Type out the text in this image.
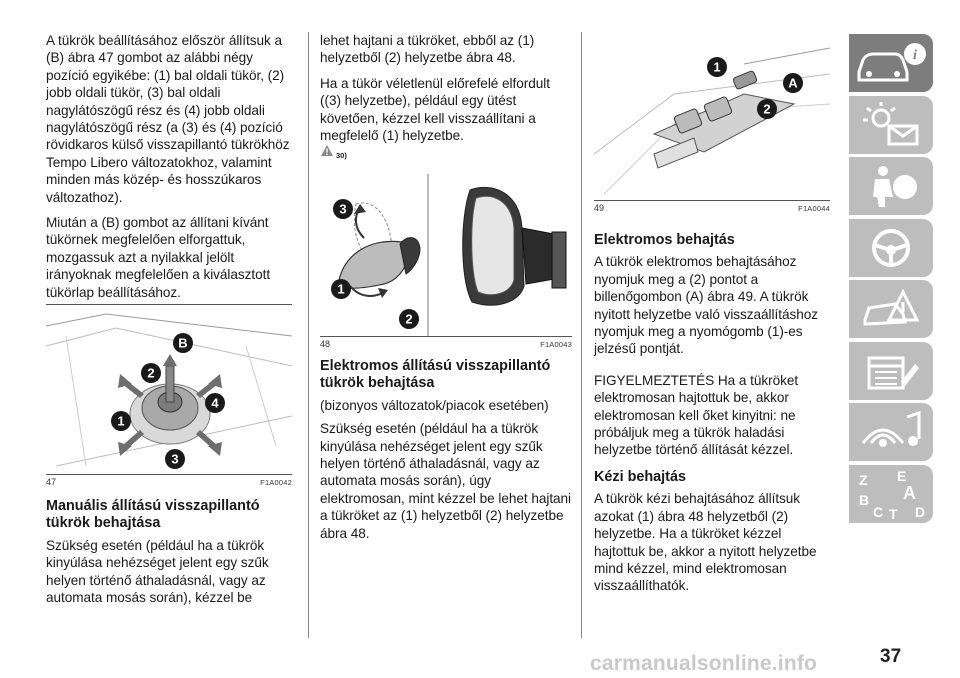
A tükrök beállításához először állítsuk a (B) ábra 47 gombot az alábbi négy pozíció egyikébe: (1) bal oldali tükör, (2) jobb oldali tükör, (3) bal oldali nagylátószögű rész és (4) jobb oldali nagylátószögű rész (a (3) és (4) pozíció rövidkaros külső visszapillantó tükrökhöz Tempo Libero változatokhoz, valamint minden más közép- és hosszúkaros változathoz).

Miután a (B) gombot az állítani kívánt tükörnek megfelelően elforgattuk, mozgassuk azt a nyilakkal jelölt irányoknak megfelelően a kiválasztott tükörlap beállításához.

B
2
4
1
3
47	F1A0042
Manuális állítású visszapillantó tükrök behajtása

Szükség esetén (például ha a tükrök kinyúlása nehézséget jelent egy szűk helyen történő áthaladásnál, vagy az automata mosás során), kézzel be

lehet hajtani a tükröket, ebből az (1) helyzetből (2) helyzetbe ábra 48.

Ha a tükör véletlenül előrefelé elfordult ((3) helyzetbe), például egy ütést követően, kézzel kell visszaállítani a megfelelő (1) helyzetbe.

30)
3
1
2
48	F1A0043
Elektromos állítású visszapillantó tükrök behajtása

(bizonyos változatok/piacok esetében)

Szükség esetén (például ha a tükrök kinyúlása nehézséget jelent egy szűk helyen történő áthaladásnál, vagy az automata mosás során), úgy elektromosan, mint kézzel be lehet hajtani a tükröket az (1) helyzetből (2) helyzetbe ábra 48.

1
A
2
49	F1A0044
Elektromos behajtás

A tükrök elektromos behajtásához nyomjuk meg a (2) pontot a billenőgombon (A) ábra 49. A tükrök nyitott helyzetbe való visszaállításhoz nyomjuk meg a nyomógomb (1)-es jelzésű pontját.

FIGYELMEZTETÉS Ha a tükröket elektromosan hajtottuk be, akkor elektromosan kell őket kinyitni: ne próbáljuk meg a tükrök haladási helyzetbe történő állítását kézzel.

Kézi behajtás

A tükrök kézi behajtásához állítsuk azokat (1) ábra 48 helyzetből (2) helyzetbe. Ha a tükröket kézzel hajtottuk be, akkor a nyitott helyzetbe mind kézzel, mind elektromosan visszaállíthatók.

i
Z E
A
B
C T D
carmanualsonline.info	37
